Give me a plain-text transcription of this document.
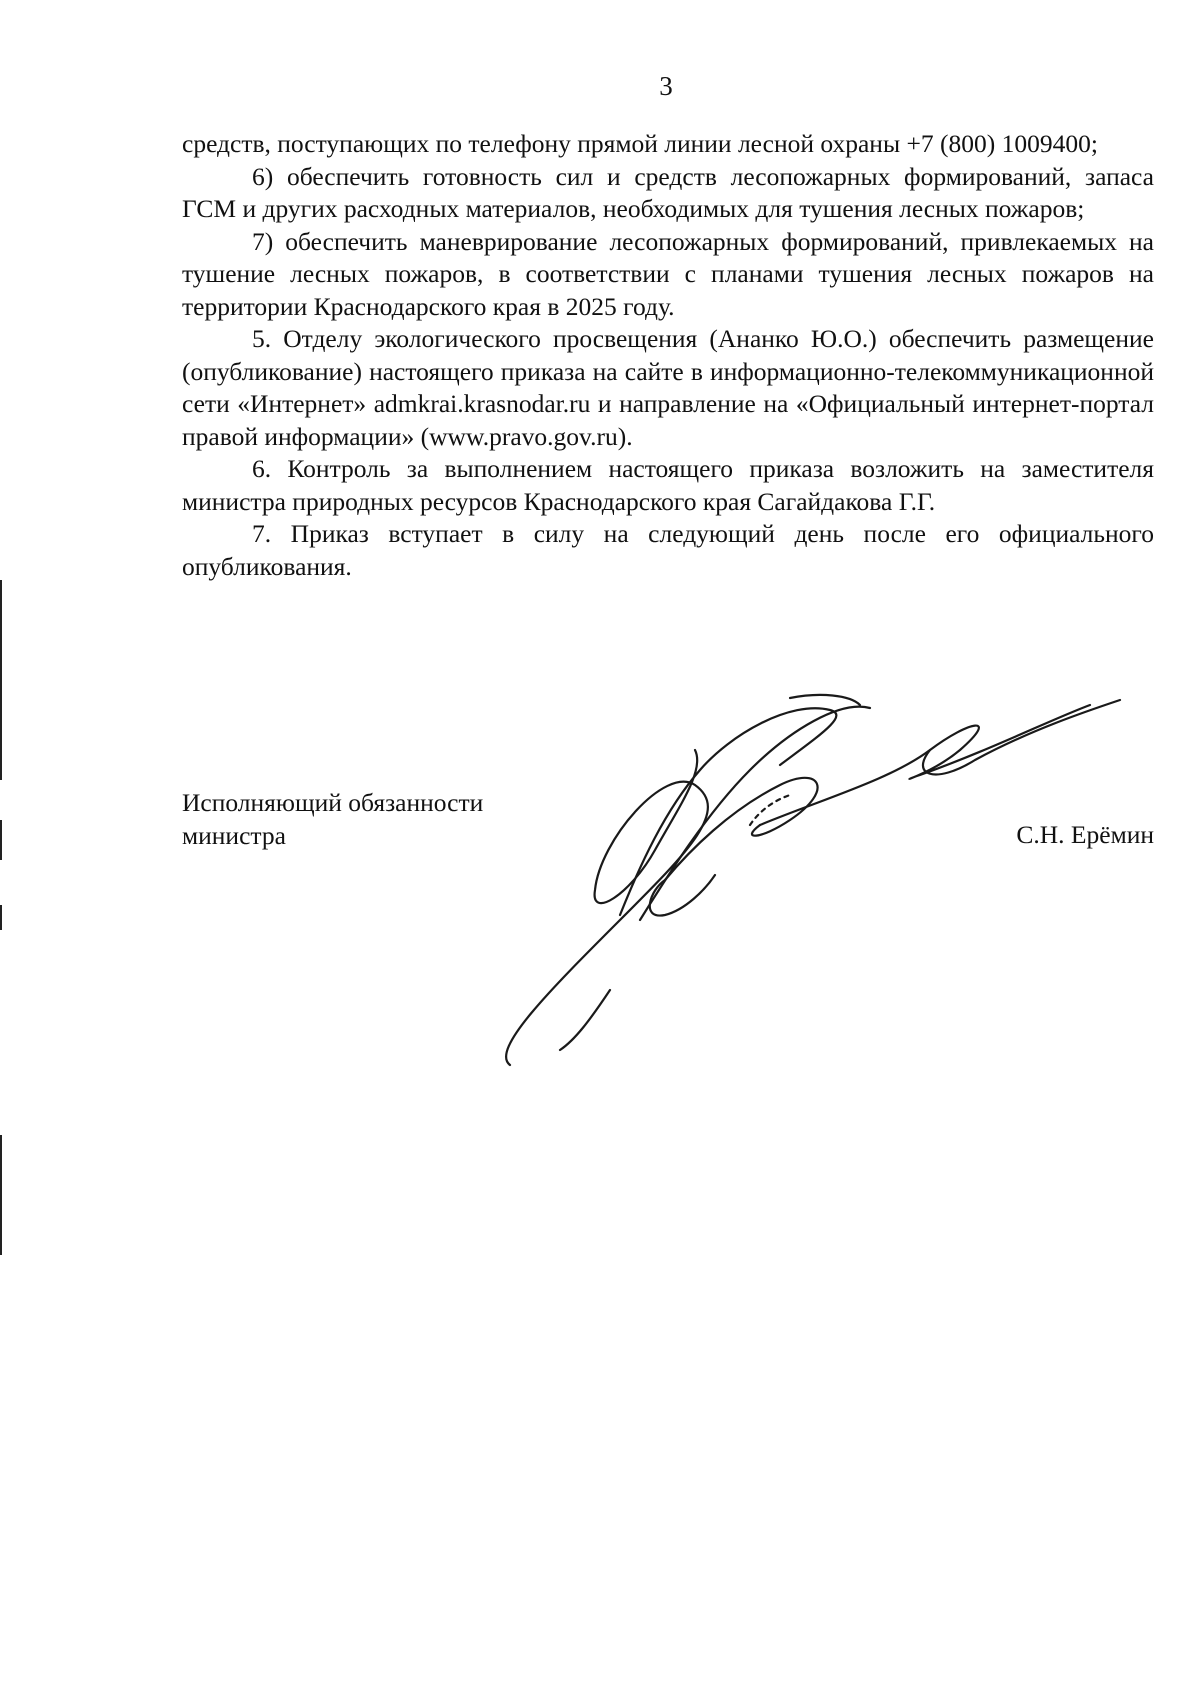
3

средств, поступающих по телефону прямой линии лесной охраны +7 (800) 1009400;

6) обеспечить готовность сил и средств лесопожарных формирований, запаса ГСМ и других расходных материалов, необходимых для тушения лесных пожаров;

7) обеспечить маневрирование лесопожарных формирований, привлекаемых на тушение лесных пожаров, в соответствии с планами тушения лесных пожаров на территории Краснодарского края в 2025 году.

5. Отделу экологического просвещения (Ананко Ю.О.) обеспечить размещение (опубликование) настоящего приказа на сайте в информационно-телекоммуникационной сети «Интернет» admkrai.krasnodar.ru и направление на «Официальный интернет-портал правой информации» (www.pravo.gov.ru).

6. Контроль за выполнением настоящего приказа возложить на заместителя министра природных ресурсов Краснодарского края Сагайдакова Г.Г.

7. Приказ вступает в силу на следующий день после его официального опубликования.

Исполняющий обязанности
министра	С.Н. Ерёмин
